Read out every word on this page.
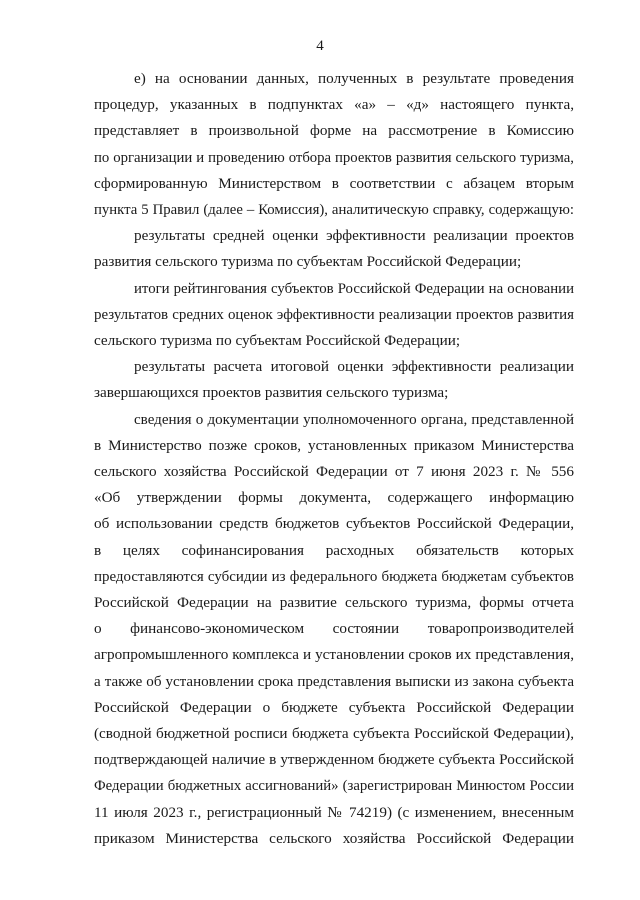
4
е) на основании данных, полученных в результате проведения
процедур, указанных в подпунктах «а» – «д» настоящего пункта,
представляет в произвольной форме на рассмотрение в Комиссию
по организации и проведению отбора проектов развития сельского туризма,
сформированную Министерством в соответствии с абзацем вторым
пункта 5 Правил (далее – Комиссия), аналитическую справку, содержащую:
результаты средней оценки эффективности реализации проектов
развития сельского туризма по субъектам Российской Федерации;
итоги рейтингования субъектов Российской Федерации на основании
результатов средних оценок эффективности реализации проектов развития
сельского туризма по субъектам Российской Федерации;
результаты расчета итоговой оценки эффективности реализации
завершающихся проектов развития сельского туризма;
сведения о документации уполномоченного органа, представленной
в Министерство позже сроков, установленных приказом Министерства
сельского хозяйства Российской Федерации от 7 июня 2023 г. № 556
«Об утверждении формы документа, содержащего информацию
об использовании средств бюджетов субъектов Российской Федерации,
в целях софинансирования расходных обязательств которых
предоставляются субсидии из федерального бюджета бюджетам субъектов
Российской Федерации на развитие сельского туризма, формы отчета
о финансово-экономическом состоянии товаропроизводителей
агропромышленного комплекса и установлении сроков их представления,
а также об установлении срока представления выписки из закона субъекта
Российской Федерации о бюджете субъекта Российской Федерации
(сводной бюджетной росписи бюджета субъекта Российской Федерации),
подтверждающей наличие в утвержденном бюджете субъекта Российской
Федерации бюджетных ассигнований» (зарегистрирован Минюстом России
11 июля 2023 г., регистрационный № 74219) (с изменением, внесенным
приказом Министерства сельского хозяйства Российской Федерации
